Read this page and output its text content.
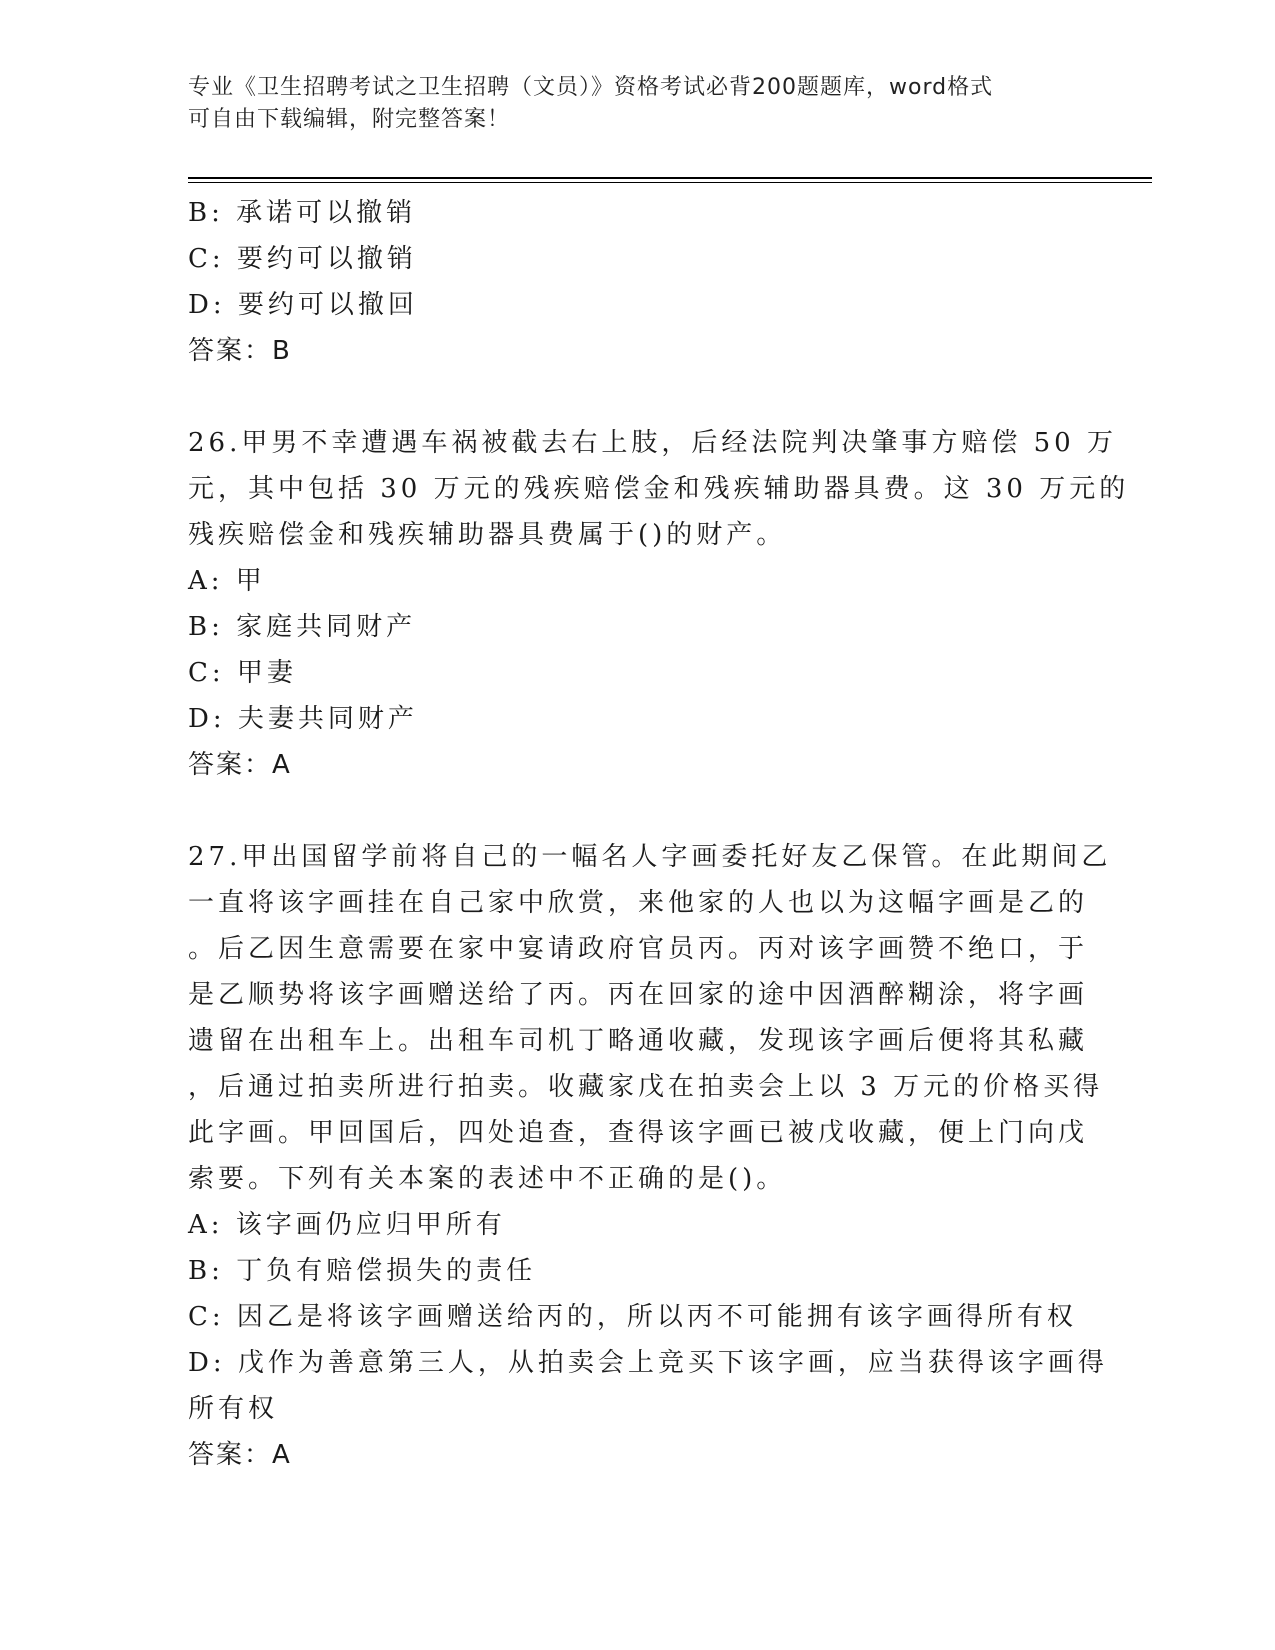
专业《卫生招聘考试之卫生招聘（文员）》资格考试必背200题题库，word格式
可自由下载编辑，附完整答案！
B: 承诺可以撤销
C: 要约可以撤销
D: 要约可以撤回
答案：B
26.甲男不幸遭遇车祸被截去右上肢，后经法院判决肇事方赔偿 50 万
元，其中包括 30 万元的残疾赔偿金和残疾辅助器具费。这 30 万元的
残疾赔偿金和残疾辅助器具费属于()的财产。
A: 甲
B: 家庭共同财产
C: 甲妻
D: 夫妻共同财产
答案：A
27.甲出国留学前将自己的一幅名人字画委托好友乙保管。在此期间乙
一直将该字画挂在自己家中欣赏，来他家的人也以为这幅字画是乙的
。后乙因生意需要在家中宴请政府官员丙。丙对该字画赞不绝口，于
是乙顺势将该字画赠送给了丙。丙在回家的途中因酒醉糊涂，将字画
遗留在出租车上。出租车司机丁略通收藏，发现该字画后便将其私藏
，后通过拍卖所进行拍卖。收藏家戊在拍卖会上以 3 万元的价格买得
此字画。甲回国后，四处追查，查得该字画已被戊收藏，便上门向戊
索要。下列有关本案的表述中不正确的是()。
A: 该字画仍应归甲所有
B: 丁负有赔偿损失的责任
C: 因乙是将该字画赠送给丙的，所以丙不可能拥有该字画得所有权
D: 戊作为善意第三人，从拍卖会上竞买下该字画，应当获得该字画得
所有权
答案：A
